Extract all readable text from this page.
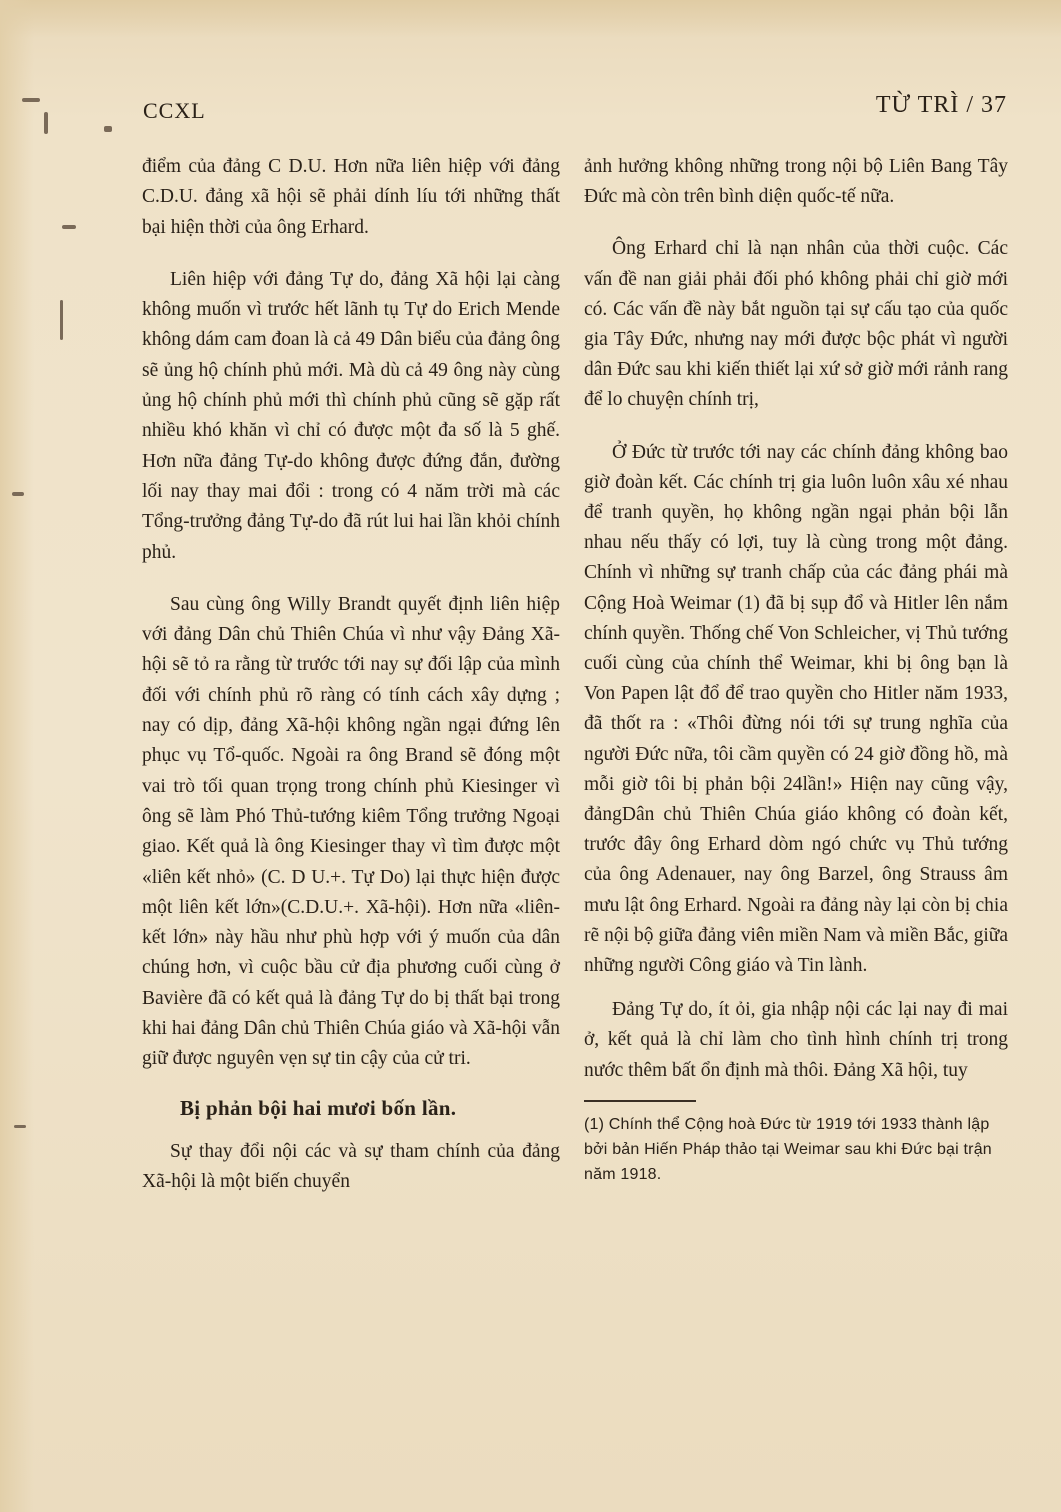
CCXL	TỪ TRÌ / 37

điểm của đảng C D.U. Hơn nữa liên hiệp với đảng C.D.U. đảng xã hội sẽ phải dính líu tới những thất bại hiện thời của ông Erhard.

Liên hiệp với đảng Tự do, đảng Xã hội lại càng không muốn vì trước hết lãnh tụ Tự do Erich Mende không dám cam đoan là cả 49 Dân biểu của đảng ông sẽ ủng hộ chính phủ mới. Mà dù cả 49 ông này cùng ủng hộ chính phủ mới thì chính phủ cũng sẽ gặp rất nhiều khó khăn vì chỉ có được một đa số là 5 ghế. Hơn nữa đảng Tự-do không được đứng đắn, đường lối nay thay mai đổi : trong có 4 năm trời mà các Tổng-trưởng đảng Tự-do đã rút lui hai lần khỏi chính phủ.

Sau cùng ông Willy Brandt quyết định liên hiệp với đảng Dân chủ Thiên Chúa vì như vậy Đảng Xã-hội sẽ tỏ ra rằng từ trước tới nay sự đối lập của mình đối với chính phủ rõ ràng có tính cách xây dựng ; nay có dịp, đảng Xã-hội không ngần ngại đứng lên phục vụ Tổ-quốc. Ngoài ra ông Brand sẽ đóng một vai trò tối quan trọng trong chính phủ Kiesinger vì ông sẽ làm Phó Thủ-tướng kiêm Tổng trưởng Ngoại giao. Kết quả là ông Kiesinger thay vì tìm được một «liên kết nhỏ» (C. D U.+. Tự Do) lại thực hiện được một liên kết lớn»(C.D.U.+. Xã-hội). Hơn nữa «liên-kết lớn» này hầu như phù hợp với ý muốn của dân chúng hơn, vì cuộc bầu cử địa phương cuối cùng ở Bavière đã có kết quả là đảng Tự do bị thất bại trong khi hai đảng Dân chủ Thiên Chúa giáo và Xã-hội vẫn giữ được nguyên vẹn sự tin cậy của cử tri.

Bị phản bội hai mươi bốn lần.

Sự thay đổi nội các và sự tham chính của đảng Xã-hội là một biến chuyển

ảnh hưởng không những trong nội bộ Liên Bang Tây Đức mà còn trên bình diện quốc-tế nữa.

Ông Erhard chỉ là nạn nhân của thời cuộc. Các vấn đề nan giải phải đối phó không phải chỉ giờ mới có. Các vấn đề này bắt nguồn tại sự cấu tạo của quốc gia Tây Đức, nhưng nay mới được bộc phát vì người dân Đức sau khi kiến thiết lại xứ sở giờ mới rảnh rang để lo chuyện chính trị,

Ở Đức từ trước tới nay các chính đảng không bao giờ đoàn kết. Các chính trị gia luôn luôn xâu xé nhau để tranh quyền, họ không ngần ngại phản bội lẫn nhau nếu thấy có lợi, tuy là cùng trong một đảng. Chính vì những sự tranh chấp của các đảng phái mà Cộng Hoà Weimar (1) đã bị sụp đổ và Hitler lên nắm chính quyền. Thống chế Von Schleicher, vị Thủ tướng cuối cùng của chính thể Weimar, khi bị ông bạn là Von Papen lật đổ để trao quyền cho Hitler năm 1933, đã thốt ra : «Thôi đừng nói tới sự trung nghĩa của người Đức nữa, tôi cầm quyền có 24 giờ đồng hồ, mà mỗi giờ tôi bị phản bội 24lần!» Hiện nay cũng vậy, đảngDân chủ Thiên Chúa giáo không có đoàn kết, trước đây ông Erhard dòm ngó chức vụ Thủ tướng của ông Adenauer, nay ông Barzel, ông Strauss âm mưu lật ông Erhard. Ngoài ra đảng này lại còn bị chia rẽ nội bộ giữa đảng viên miền Nam và miền Bắc, giữa những người Công giáo và Tin lành.

Đảng Tự do, ít ỏi, gia nhập nội các lại nay đi mai ở, kết quả là chỉ làm cho tình hình chính trị trong nước thêm bất ổn định mà thôi. Đảng Xã hội, tuy

(1) Chính thể Cộng hoà Đức từ 1919 tới 1933 thành lập bởi bản Hiến Pháp thảo tại Weimar sau khi Đức bại trận năm 1918.
